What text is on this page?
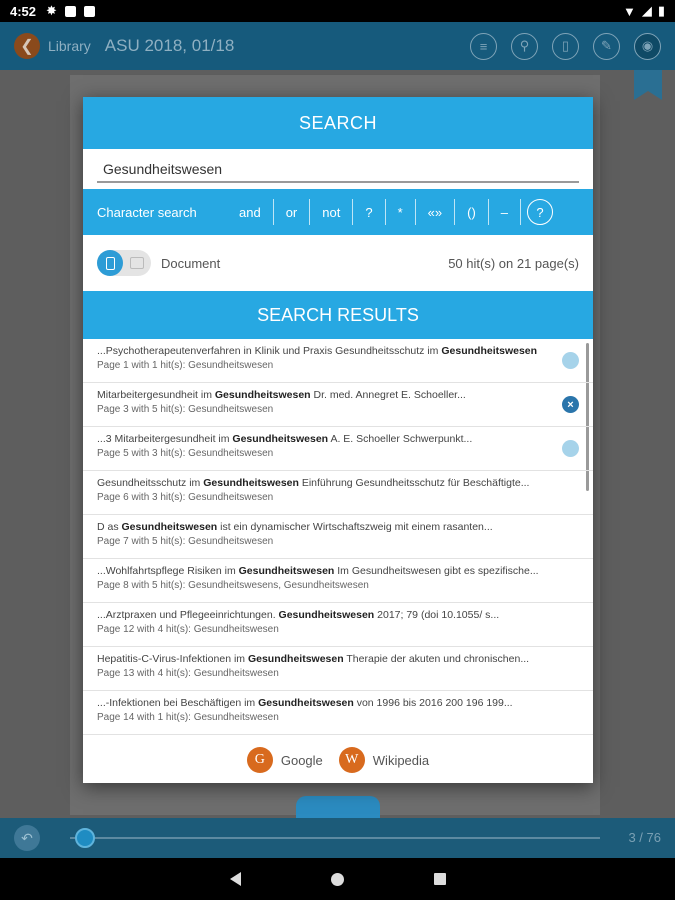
4:52 ✸	▼ ◢ ▮
❮ Library ASU 2018, 01/18	≡ ⚲	▯ ✎ ◉
↶	3 / 76
SEARCH
Gesundheitswesen
Character search	and	or	not	?	*	«»	()	–	?
Document	50 hit(s) on 21 page(s)
SEARCH RESULTS
...Psychotherapeutenverfahren in Klinik und Praxis Gesundheitsschutz im Gesundheitswesen
Page 1 with 1 hit(s): Gesundheitswesen
Mitarbeitergesundheit im Gesundheitswesen Dr. med. Annegret E. Schoeller...
Page 3 with 5 hit(s): Gesundheitswesen	×
...3 Mitarbeitergesundheit im Gesundheitswesen A. E. Schoeller Schwerpunkt...
Page 5 with 3 hit(s): Gesundheitswesen
Gesundheitsschutz im Gesundheitswesen Einführung Gesundheitsschutz für Beschäftigte...
Page 6 with 3 hit(s): Gesundheitswesen
D as Gesundheitswesen ist ein dynamischer Wirtschaftszweig mit einem rasanten...
Page 7 with 5 hit(s): Gesundheitswesen
...Wohlfahrtspflege Risiken im Gesundheitswesen Im Gesundheitswesen gibt es spezifische...
Page 8 with 5 hit(s): Gesundheitswesens, Gesundheitswesen
...Arztpraxen und Pflegeeinrichtungen. Gesundheitswesen 2017; 79 (doi 10.1055/ s...
Page 12 with 4 hit(s): Gesundheitswesen
Hepatitis-C-Virus-Infektionen im Gesundheitswesen Therapie der akuten und chronischen...
Page 13 with 4 hit(s): Gesundheitswesen
...-Infektionen bei Beschäftigen im Gesundheitswesen von 1996 bis 2016 200 196 199...
Page 14 with 1 hit(s): Gesundheitswesen
G	Google	W	Wikipedia
